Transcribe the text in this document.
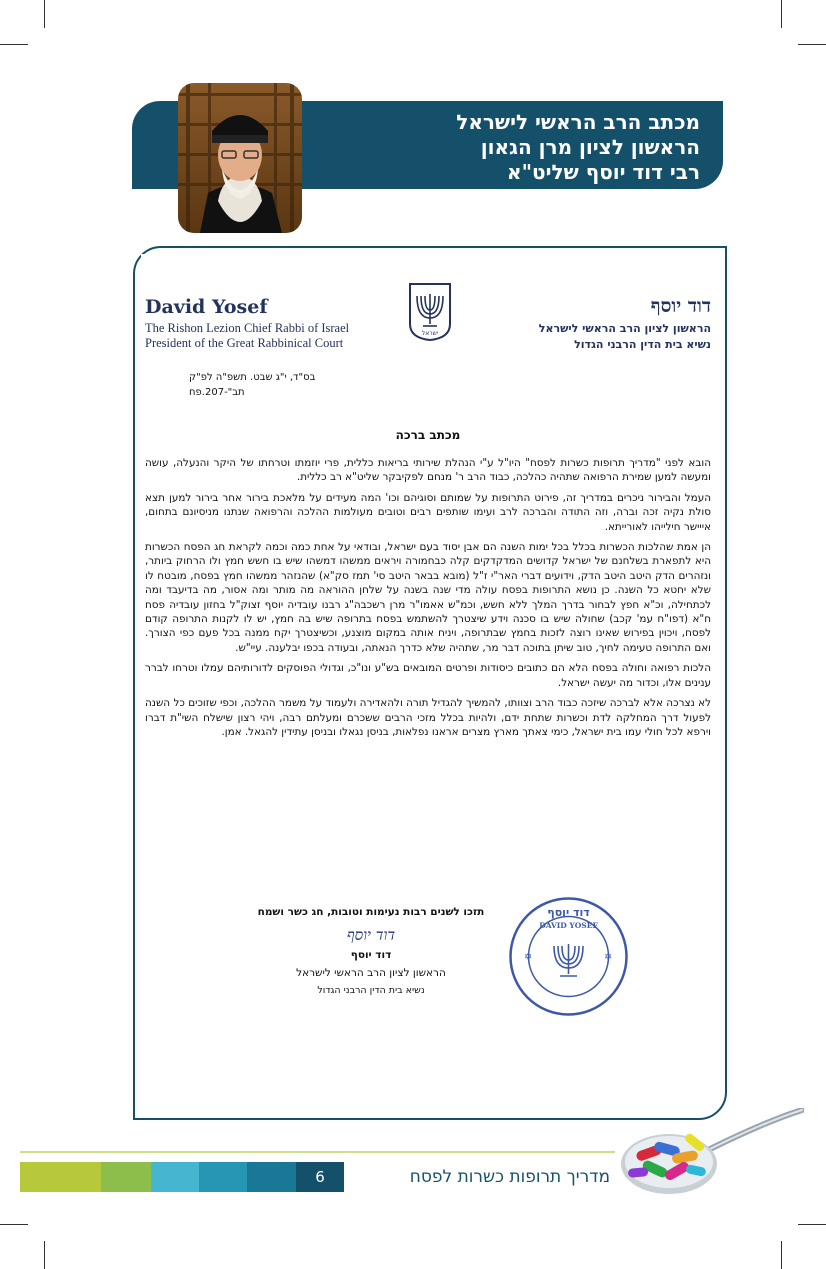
מכתב הרב הראשי לישראל
הראשון לציון מרן הגאון
רבי דוד יוסף שליט"א
David Yosef
The Rishon Lezion Chief Rabbi of Israel
President of the Great Rabbinical Court
ישראל
דוד יוסף
הראשון לציון הרב הראשי לישראל
נשיא בית הדין הרבני הגדול
בס"ד, י"ג שבט. תשפ"ה לפ"ק
תב"-207.פח
מכתב ברכה

הובא לפני "מדריך תרופות כשרות לפסח" היו"ל ע"י הנהלת שירותי בריאות כללית, פרי יוזמתו וטרחתו של היקר והנעלה, עושה ומעשה למען שמירת הרפואה שתהיה כהלכה, כבוד הרב ר' מנחם לפקיבקר שליט"א רב כללית.

העמל והבירור ניכרים במדריך זה, פירוט התרופות על שמותם וסוגיהם וכו' המה מעידים על מלאכת בירור אחר בירור למען תצא סולת נקיה זכה וברה, וזה התודה והברכה לרב ועימו שותפים רבים וטובים מעולמות ההלכה והרפואה שנתנו מניסיונם בתחום, אייישר חילייהו לאורייתא.

הן אמת שהלכות הכשרות בכלל בכל ימות השנה הם אבן יסוד בעם ישראל, ובודאי על אחת כמה וכמה לקראת חג הפסח הכשרות היא לתפארת בשלחנם של ישראל קדושים המדקדקים קלה כבחמורה ויראים ממשהו דמשהו שיש בו חשש חמץ ולו הרחוק ביותר, ונזהרים הדק היטב היטב הדק, וידועים דברי האר"י ז"ל (מובא בבאר היטב סי' תמז סק"א) שהנזהר ממשהו חמץ בפסח, מובטח לו שלא יחטא כל השנה. כן נושא התרופות בפסח עולה מדי שנה בשנה על שלחן ההוראה מה מותר ומה אסור, מה בדיעבד ומה לכתחילה, וכ"א חפץ לבחור בדרך המלך ללא חשש, וכמ"ש אאמו"ר מרן רשכבה"ג רבנו עובדיה יוסף זצוק"ל בחזון עובדיה פסח ח"א (דפו"ח עמ' קכב) שחולה שיש בו סכנה וידע שיצטרך להשתמש בפסח בתרופה שיש בה חמץ, יש לו לקנות התרופה קודם לפסח, ויכוין בפירוש שאינו רוצה לזכות בחמץ שבתרופה, ויניח אותה במקום מוצנע, וכשיצטרך יקח ממנה בכל פעם כפי הצורך. ואם התרופה טעימה לחיך, טוב שיתן בתוכה דבר מר, שתהיה שלא כדרך הנאתה, ובעודה בכפו יבלענה. עיי"ש.

הלכות רפואה וחולה בפסח הלא הם כתובים כיסודות ופרטים המובאים בש"ע ונו"כ, וגדולי הפוסקים לדורותיהם עמלו וטרחו לברר ענינים אלו, וכדור מה יעשה ישראל.

לא נצרכה אלא לברכה שיזכה כבוד הרב וצוותו, להמשיך להגדיל תורה ולהאדירה ולעמוד על משמר ההלכה, וכפי שזוכים כל השנה לפעול דרך המחלקה לדת וכשרות שתחת ידם, ולהיות בכלל מזכי הרבים ששכרם ומעלתם רבה, ויהי רצון שישלח השי"ת דברו וירפא לכל חולי עמו בית ישראל, כימי צאתך מארץ מצרים אראנו נפלאות, בניסן נגאלו ובניסן עתידין להגאל. אמן.

תזכו לשנים רבות נעימות וטובות, חג כשר ושמח
דוד יוסף
דוד יוסף
הראשון לציון הרב הראשי לישראל
נשיא בית הדין הרבני הגדול
דוד יוסף
DAVID YOSEF
✡	✡
6	מדריך תרופות כשרות לפסח
